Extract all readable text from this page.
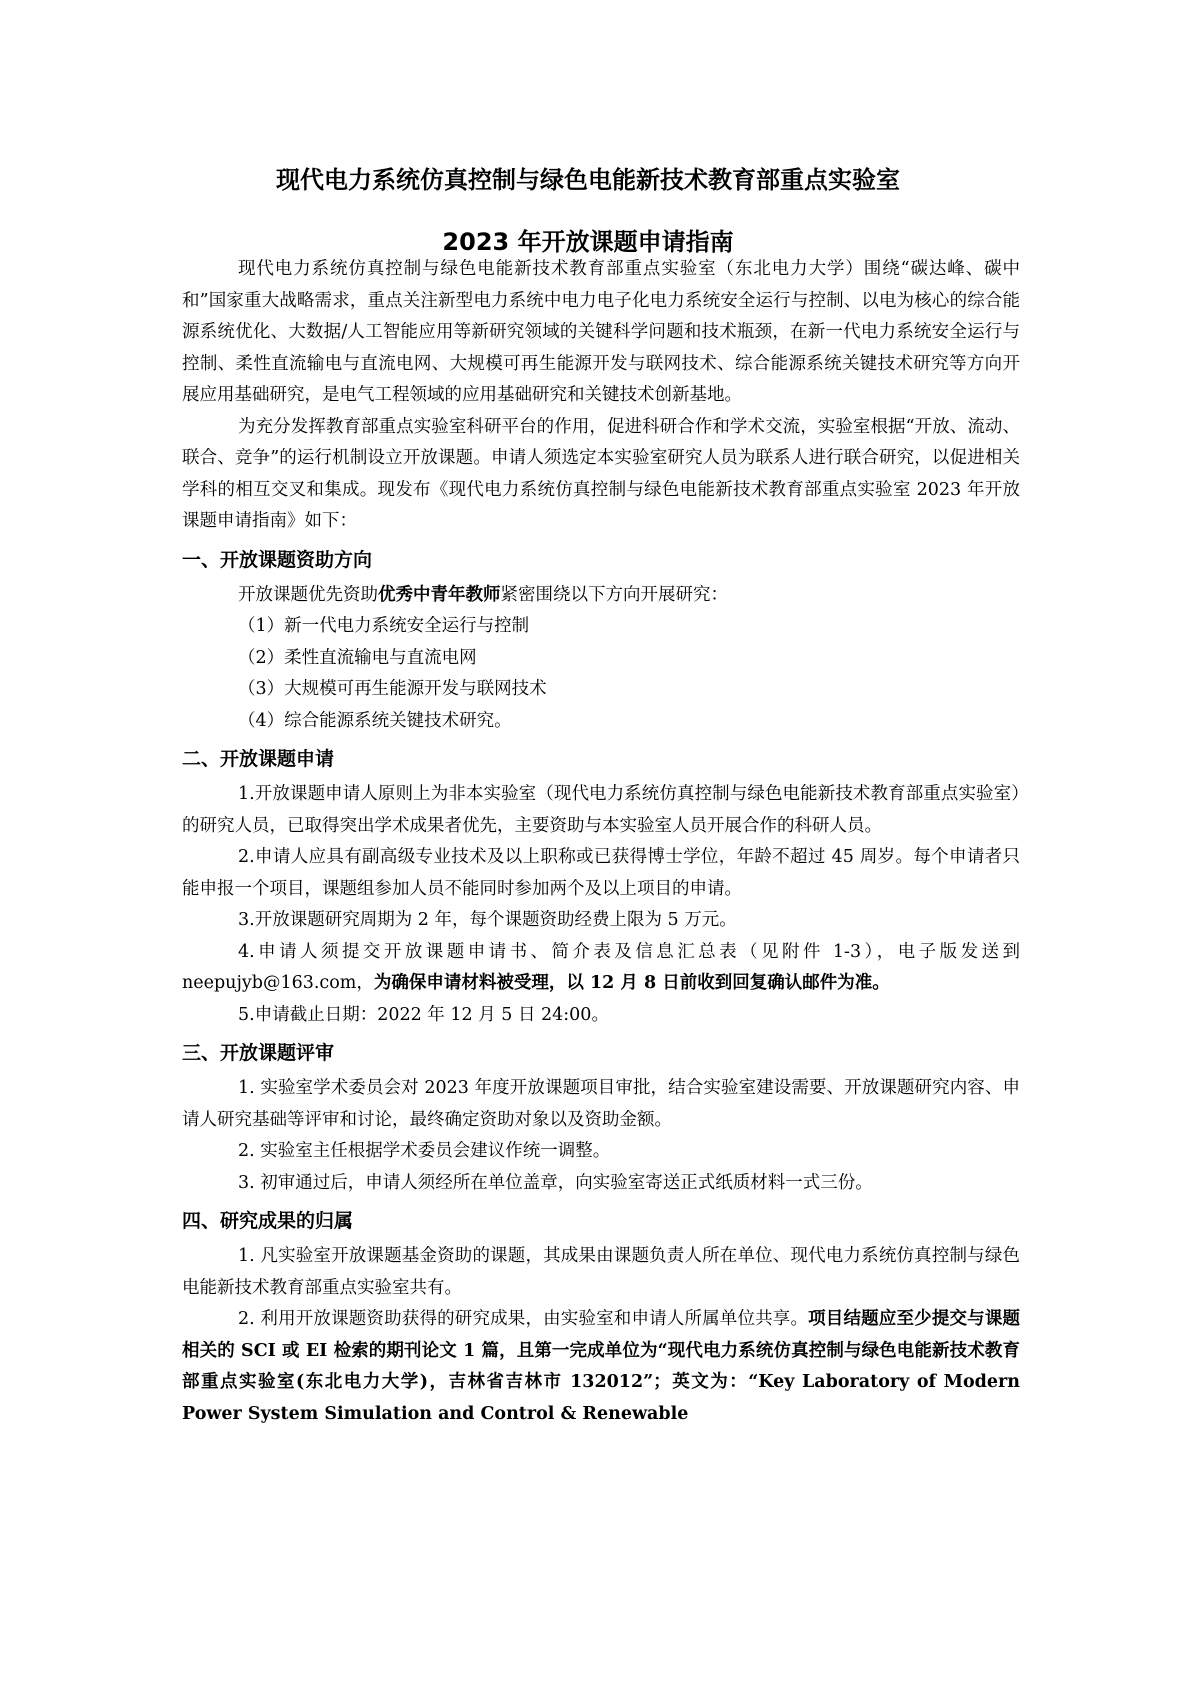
现代电力系统仿真控制与绿色电能新技术教育部重点实验室
2023 年开放课题申请指南

现代电力系统仿真控制与绿色电能新技术教育部重点实验室（东北电力大学）围绕“碳达峰、碳中和”国家重大战略需求，重点关注新型电力系统中电力电子化电力系统安全运行与控制、以电为核心的综合能源系统优化、大数据/人工智能应用等新研究领域的关键科学问题和技术瓶颈，在新一代电力系统安全运行与控制、柔性直流输电与直流电网、大规模可再生能源开发与联网技术、综合能源系统关键技术研究等方向开展应用基础研究，是电气工程领域的应用基础研究和关键技术创新基地。

为充分发挥教育部重点实验室科研平台的作用，促进科研合作和学术交流，实验室根据“开放、流动、联合、竞争”的运行机制设立开放课题。申请人须选定本实验室研究人员为联系人进行联合研究，以促进相关学科的相互交叉和集成。现发布《现代电力系统仿真控制与绿色电能新技术教育部重点实验室 2023 年开放课题申请指南》如下：

一、开放课题资助方向

开放课题优先资助优秀中青年教师紧密围绕以下方向开展研究：

（1）新一代电力系统安全运行与控制
（2）柔性直流输电与直流电网
（3）大规模可再生能源开发与联网技术
（4）综合能源系统关键技术研究。
二、开放课题申请

1.开放课题申请人原则上为非本实验室（现代电力系统仿真控制与绿色电能新技术教育部重点实验室）的研究人员，已取得突出学术成果者优先，主要资助与本实验室人员开展合作的科研人员。

2.申请人应具有副高级专业技术及以上职称或已获得博士学位，年龄不超过 45 周岁。每个申请者只能申报一个项目，课题组参加人员不能同时参加两个及以上项目的申请。

3.开放课题研究周期为 2 年，每个课题资助经费上限为 5 万元。

4.申请人须提交开放课题申请书、简介表及信息汇总表（见附件 1-3），电子版发送到 neepujyb@163.com，为确保申请材料被受理，以 12 月 8 日前收到回复确认邮件为准。

5.申请截止日期：2022 年 12 月 5 日 24:00。

三、开放课题评审

1. 实验室学术委员会对 2023 年度开放课题项目审批，结合实验室建设需要、开放课题研究内容、申请人研究基础等评审和讨论，最终确定资助对象以及资助金额。

2. 实验室主任根据学术委员会建议作统一调整。

3. 初审通过后，申请人须经所在单位盖章，向实验室寄送正式纸质材料一式三份。

四、研究成果的归属

1. 凡实验室开放课题基金资助的课题，其成果由课题负责人所在单位、现代电力系统仿真控制与绿色电能新技术教育部重点实验室共有。

2. 利用开放课题资助获得的研究成果，由实验室和申请人所属单位共享。项目结题应至少提交与课题相关的 SCI 或 EI 检索的期刊论文 1 篇，且第一完成单位为“现代电力系统仿真控制与绿色电能新技术教育部重点实验室(东北电力大学)，吉林省吉林市 132012”；英文为：“Key Laboratory of Modern Power System Simulation and Control & Renewable
